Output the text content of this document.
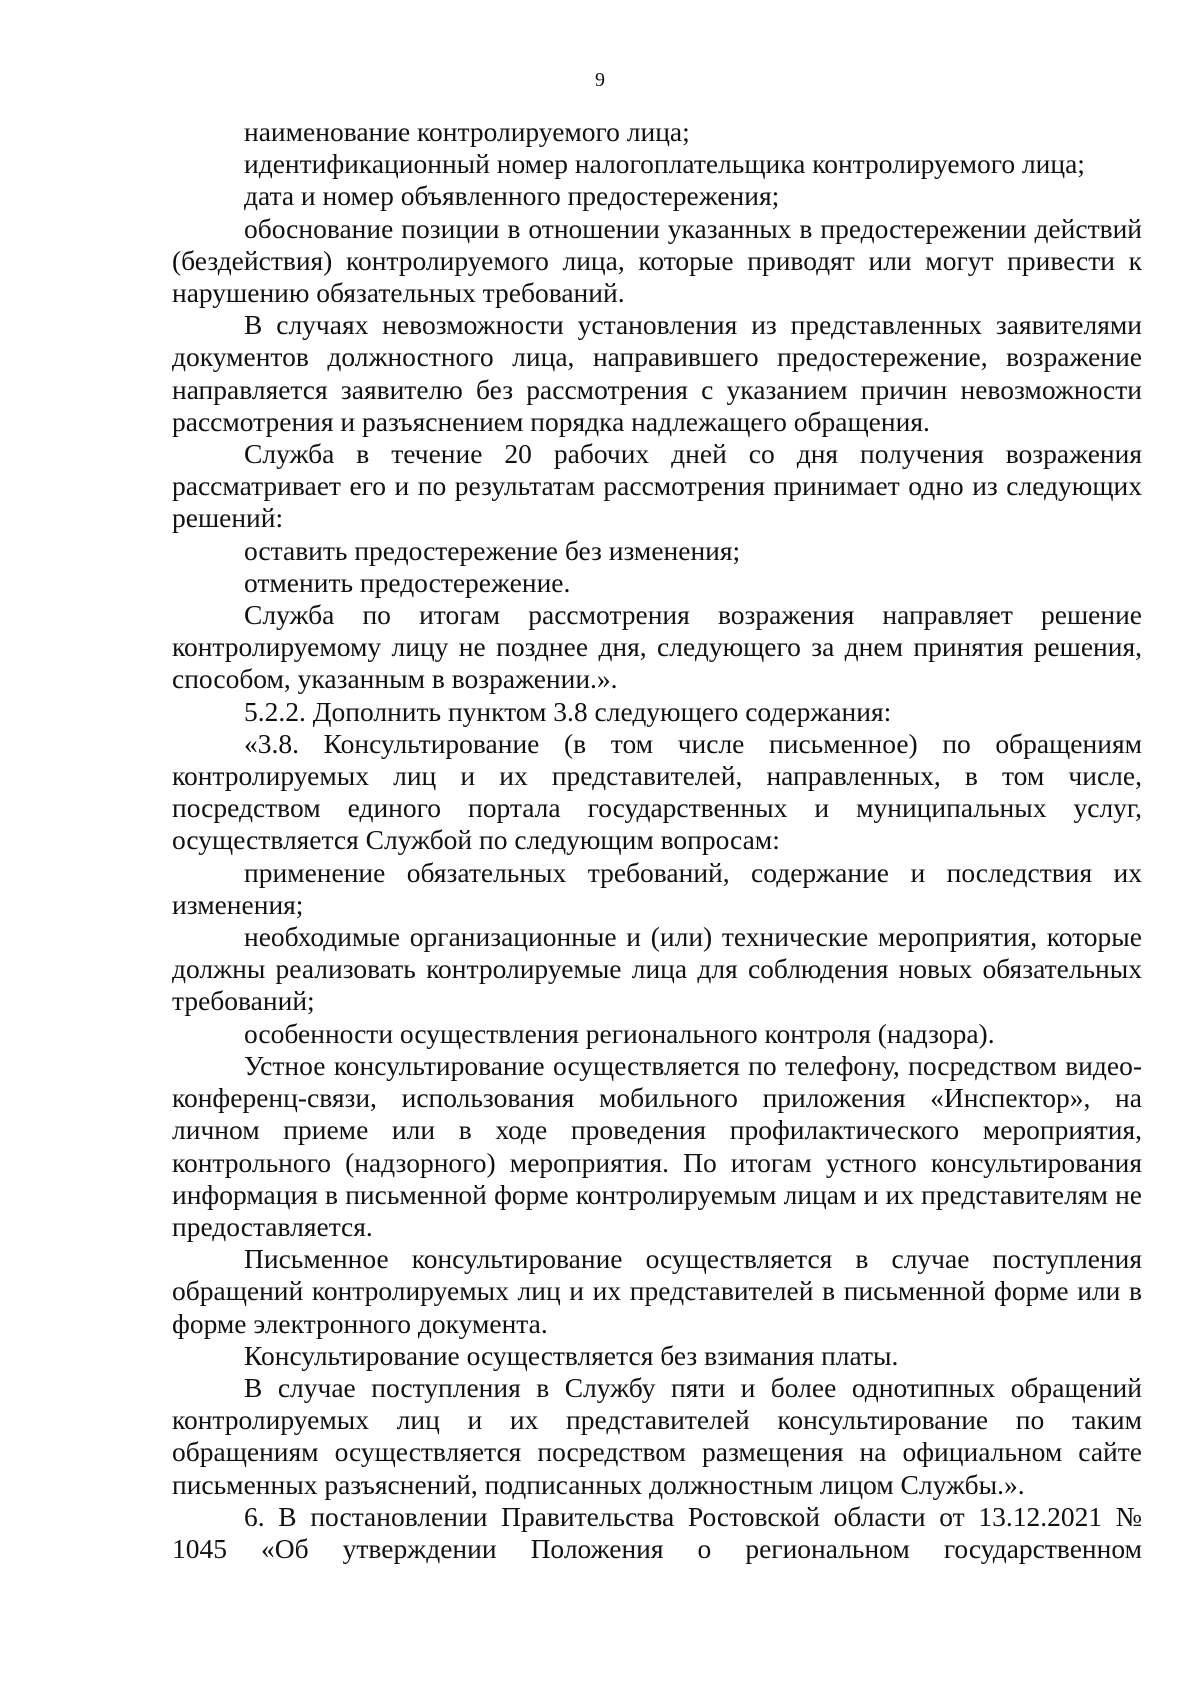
9

наименование контролируемого лица;

идентификационный номер налогоплательщика контролируемого лица;

дата и номер объявленного предостережения;

обоснование позиции в отношении указанных в предостережении действий (бездействия) контролируемого лица, которые приводят или могут привести к нарушению обязательных требований.

В случаях невозможности установления из представленных заявителями документов должностного лица, направившего предостережение, возражение направляется заявителю без рассмотрения с указанием причин невозможности рассмотрения и разъяснением порядка надлежащего обращения.

Служба в течение 20 рабочих дней со дня получения возражения рассматривает его и по результатам рассмотрения принимает одно из следующих решений:

оставить предостережение без изменения;

отменить предостережение.

Служба по итогам рассмотрения возражения направляет решение контролируемому лицу не позднее дня, следующего за днем принятия решения, способом, указанным в возражении.».

5.2.2. Дополнить пунктом 3.8 следующего содержания:

«3.8. Консультирование (в том числе письменное) по обращениям контролируемых лиц и их представителей, направленных, в том числе, посредством единого портала государственных и муниципальных услуг, осуществляется Службой по следующим вопросам:

применение обязательных требований, содержание и последствия их изменения;

необходимые организационные и (или) технические мероприятия, которые должны реализовать контролируемые лица для соблюдения новых обязательных требований;

особенности осуществления регионального контроля (надзора).

Устное консультирование осуществляется по телефону, посредством видео-конференц-связи, использования мобильного приложения «Инспектор», на личном приеме или в ходе проведения профилактического мероприятия, контрольного (надзорного) мероприятия. По итогам устного консультирования информация в письменной форме контролируемым лицам и их представителям не предоставляется.

Письменное консультирование осуществляется в случае поступления обращений контролируемых лиц и их представителей в письменной форме или в форме электронного документа.

Консультирование осуществляется без взимания платы.

В случае поступления в Службу пяти и более однотипных обращений контролируемых лиц и их представителей консультирование по таким обращениям осуществляется посредством размещения на официальном сайте письменных разъяснений, подписанных должностным лицом Службы.».

6. В постановлении Правительства Ростовской области от 13.12.2021 № 1045 «Об утверждении Положения о региональном государственном
